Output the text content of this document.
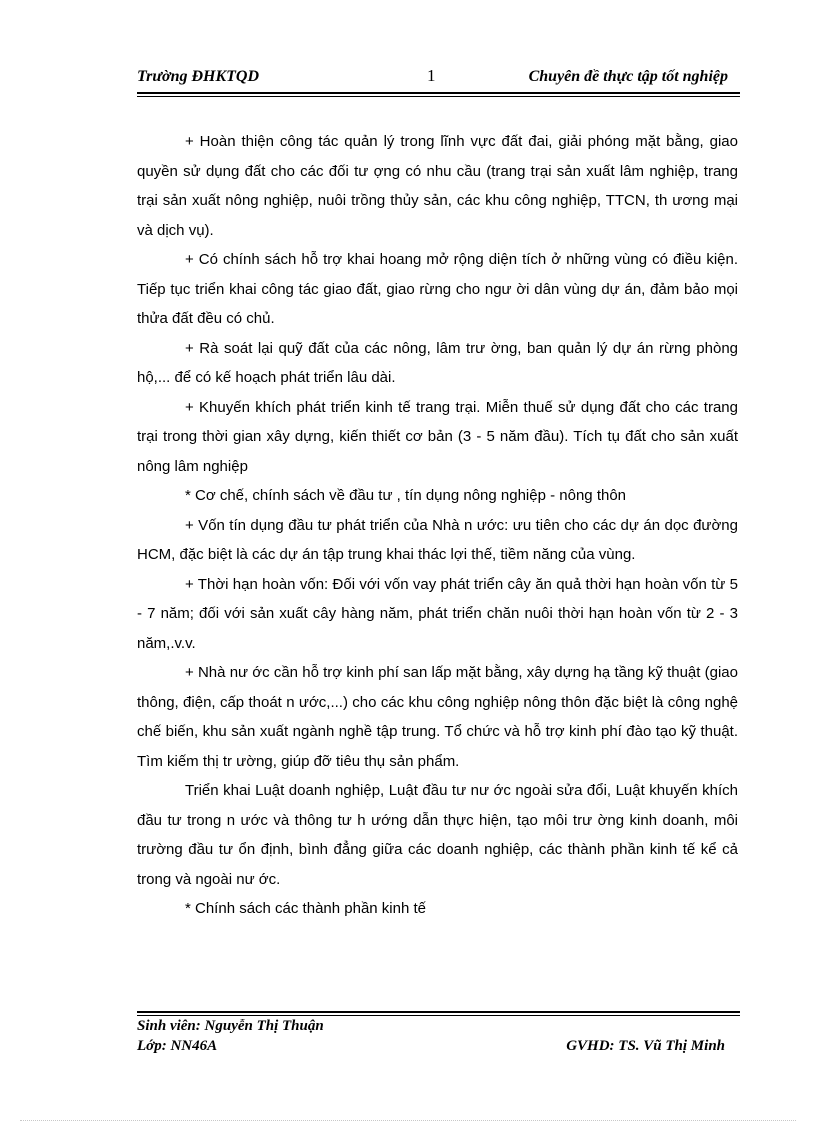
Trường ĐHKTQD	1	Chuyên đề thực tập tốt nghiệp

+ Hoàn thiện công tác quản lý trong lĩnh vực đất đai, giải phóng mặt bằng, giao quyền sử dụng đất cho các đối tư ợng có nhu cầu (trang trại sản xuất lâm nghiệp, trang trại sản xuất nông nghiệp, nuôi trồng thủy sản, các khu công nghiệp, TTCN, th ương mại và dịch vụ).

+ Có chính sách hỗ trợ khai hoang mở rộng diện tích ở những vùng có điều kiện. Tiếp tục triển khai công tác giao đất, giao rừng cho ngư ời dân vùng dự án, đảm bảo mọi thửa đất đều có chủ.

+ Rà soát lại quỹ đất của các nông, lâm trư ờng, ban quản lý dự án rừng phòng hộ,... để có kế hoạch phát triển lâu dài.

+ Khuyến khích phát triển kinh tế trang trại. Miễn thuế sử dụng đất cho các trang trại trong thời gian xây dựng, kiến thiết cơ bản (3 - 5 năm đầu). Tích tụ đất cho sản xuất nông lâm nghiệp

* Cơ chế, chính sách về đầu tư , tín dụng nông nghiệp - nông thôn

+ Vốn tín dụng đầu tư phát triển của Nhà n ước: ưu tiên cho các dự án dọc đường HCM, đặc biệt là các dự án tập trung khai thác lợi thế, tiềm năng của vùng.

+ Thời hạn hoàn vốn: Đối với vốn vay phát triển cây ăn quả thời hạn hoàn vốn từ 5 - 7 năm; đối với sản xuất cây hàng năm, phát triển chăn nuôi thời hạn hoàn vốn từ 2 - 3 năm,.v.v.

+ Nhà nư ớc cần hỗ trợ kinh phí san lấp mặt bằng, xây dựng hạ tầng kỹ thuật (giao thông, điện, cấp thoát n ước,...) cho các khu công nghiệp nông thôn đặc biệt là công nghệ chế biến, khu sản xuất ngành nghề tập trung. Tổ chức và hỗ trợ kinh phí đào tạo kỹ thuật. Tìm kiếm thị tr ường, giúp đỡ tiêu thụ sản phẩm.

Triển khai Luật doanh nghiệp, Luật đầu tư nư ớc ngoài sửa đổi, Luật khuyến khích đầu tư trong n ước và thông tư h ướng dẫn thực hiện, tạo môi trư ờng kinh doanh, môi trường đầu tư ổn định, bình đẳng giữa các doanh nghiệp, các thành phần kinh tế kể cả trong và ngoài nư ớc.

* Chính sách các thành phần kinh tế

Sinh viên: Nguyễn Thị Thuận
Lớp: NN46A	GVHD: TS. Vũ Thị Minh
